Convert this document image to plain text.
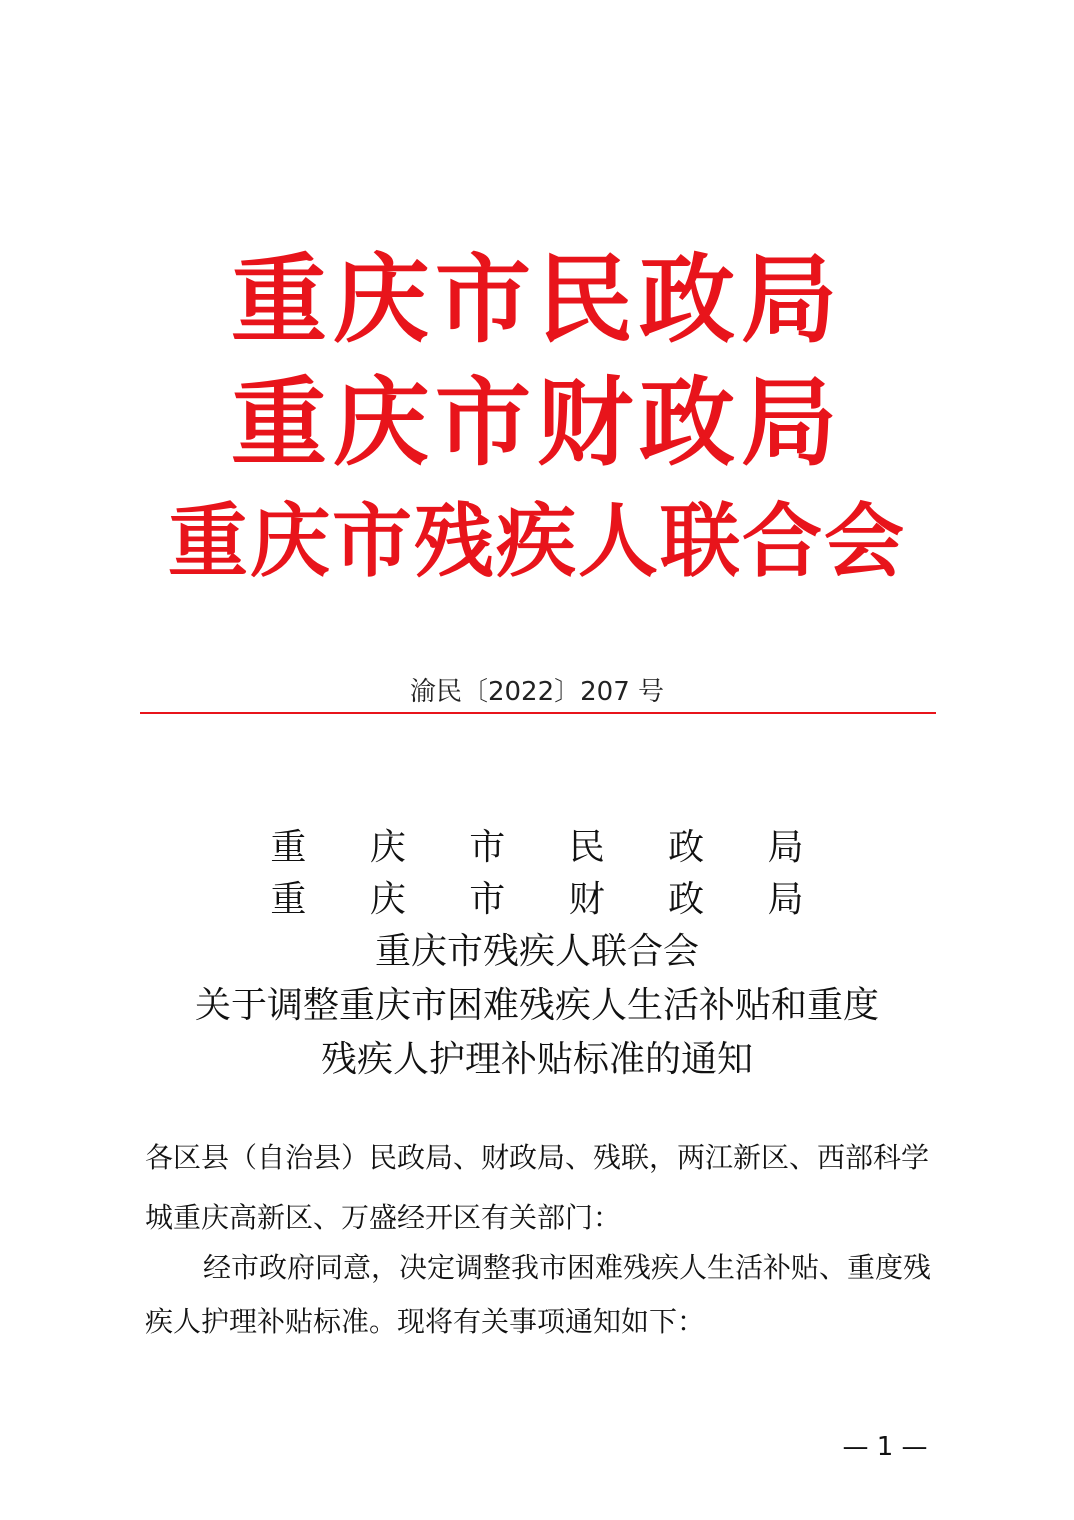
重庆市民政局
重庆市财政局
重庆市残疾人联合会
渝民〔2022〕207 号
重 庆 市 民 政 局
重 庆 市 财 政 局
重庆市残疾人联合会
关于调整重庆市困难残疾人生活补贴和重度
残疾人护理补贴标准的通知
各区县（自治县）民政局、财政局、残联，两江新区、西部科学
城重庆高新区、万盛经开区有关部门：
经市政府同意，决定调整我市困难残疾人生活补贴、重度残
疾人护理补贴标准。现将有关事项通知如下：
— 1 —
